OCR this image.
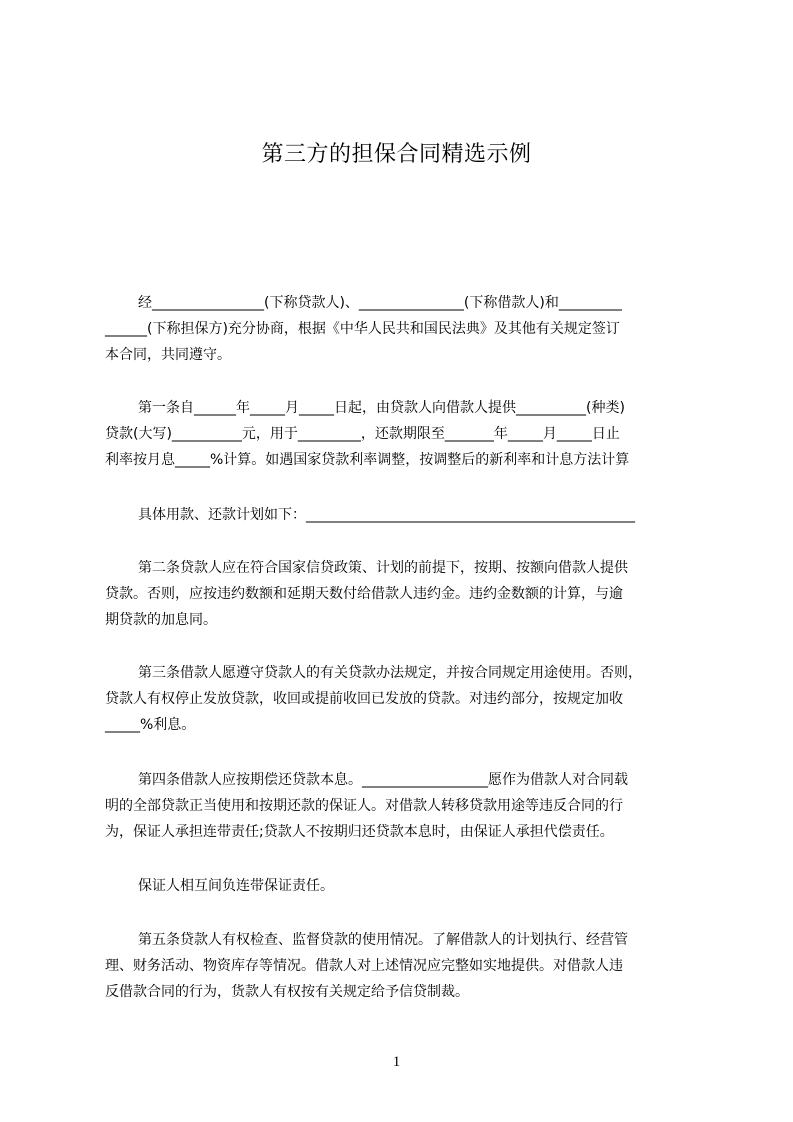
第三方的担保合同精选示例

经________________(下称贷款人)、_______________(下称借款人)和_________
______(下称担保方)充分协商，根据《中华人民共和国民法典》及其他有关规定签订
本合同，共同遵守。

第一条自______年_____月_____日起，由贷款人向借款人提供__________(种类)
贷款(大写)__________元，用于_________，还款期限至_______年_____月_____日止
利率按月息_____%计算。如遇国家贷款利率调整，按调整后的新利率和计息方法计算

具体用款、还款计划如下：_______________________________________________

第二条贷款人应在符合国家信贷政策、计划的前提下，按期、按额向借款人提供
贷款。否则，应按违约数额和延期天数付给借款人违约金。违约金数额的计算，与逾
期贷款的加息同。

第三条借款人愿遵守贷款人的有关贷款办法规定，并按合同规定用途使用。否则，
贷款人有权停止发放贷款，收回或提前收回已发放的贷款。对违约部分，按规定加收
_____%利息。

第四条借款人应按期偿还贷款本息。__________________愿作为借款人对合同载
明的全部贷款正当使用和按期还款的保证人。对借款人转移贷款用途等违反合同的行
为，保证人承担连带责任;贷款人不按期归还贷款本息时，由保证人承担代偿责任。

保证人相互间负连带保证责任。

第五条贷款人有权检查、监督贷款的使用情况。了解借款人的计划执行、经营管
理、财务活动、物资库存等情况。借款人对上述情况应完整如实地提供。对借款人违
反借款合同的行为，货款人有权按有关规定给予信贷制裁。

1
